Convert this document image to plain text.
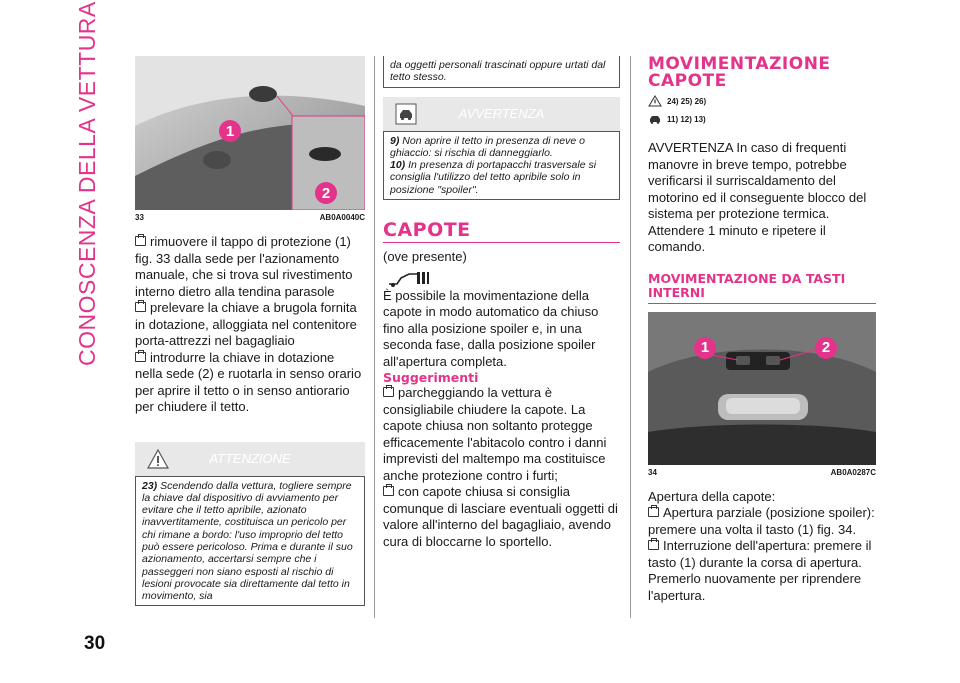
CONOSCENZA DELLA VETTURA
30
1
2
33	AB0A0040C

rimuovere il tappo di protezione (1) fig. 33 dalla sede per l'azionamento manuale, che si trova sul rivestimento interno dietro alla tendina parasole

prelevare la chiave a brugola fornita in dotazione, alloggiata nel contenitore porta-attrezzi nel bagagliaio

introdurre la chiave in dotazione nella sede (2) e ruotarla in senso orario per aprire il tetto o in senso antiorario per chiudere il tetto.

ATTENZIONE
23) Scendendo dalla vettura, togliere sempre la chiave dal dispositivo di avviamento per evitare che il tetto apribile, azionato inavvertitamente, costituisca un pericolo per chi rimane a bordo: l'uso improprio del tetto può essere pericoloso. Prima e durante il suo azionamento, accertarsi sempre che i passeggeri non siano esposti al rischio di lesioni provocate sia direttamente dal tetto in movimento, sia
da oggetti personali trascinati oppure urtati dal tetto stesso.
AVVERTENZA
9) Non aprire il tetto in presenza di neve o ghiaccio: si rischia di danneggiarlo.
10) In presenza di portapacchi trasversale si consiglia l'utilizzo del tetto apribile solo in posizione "spoiler".
CAPOTE

(ove presente)

È possibile la movimentazione della capote in modo automatico da chiuso fino alla posizione spoiler e, in una seconda fase, dalla posizione spoiler all'apertura completa.

Suggerimenti

parcheggiando la vettura è consigliabile chiudere la capote. La capote chiusa non soltanto protegge efficacemente l'abitacolo contro i danni imprevisti del maltempo ma costituisce anche protezione contro i furti;

con capote chiusa si consiglia comunque di lasciare eventuali oggetti di valore all'interno del bagagliaio, avendo cura di bloccarne lo sportello.

MOVIMENTAZIONE CAPOTE
24) 25) 26)
11) 12) 13)

AVVERTENZA In caso di frequenti manovre in breve tempo, potrebbe verificarsi il surriscaldamento del motorino ed il conseguente blocco del sistema per protezione termica. Attendere 1 minuto e ripetere il comando.

MOVIMENTAZIONE DA TASTI INTERNI
1	2
34	AB0A0287C

Apertura della capote:

Apertura parziale (posizione spoiler): premere una volta il tasto (1) fig. 34.

Interruzione dell'apertura: premere il tasto (1) durante la corsa di apertura. Premerlo nuovamente per riprendere l'apertura.
